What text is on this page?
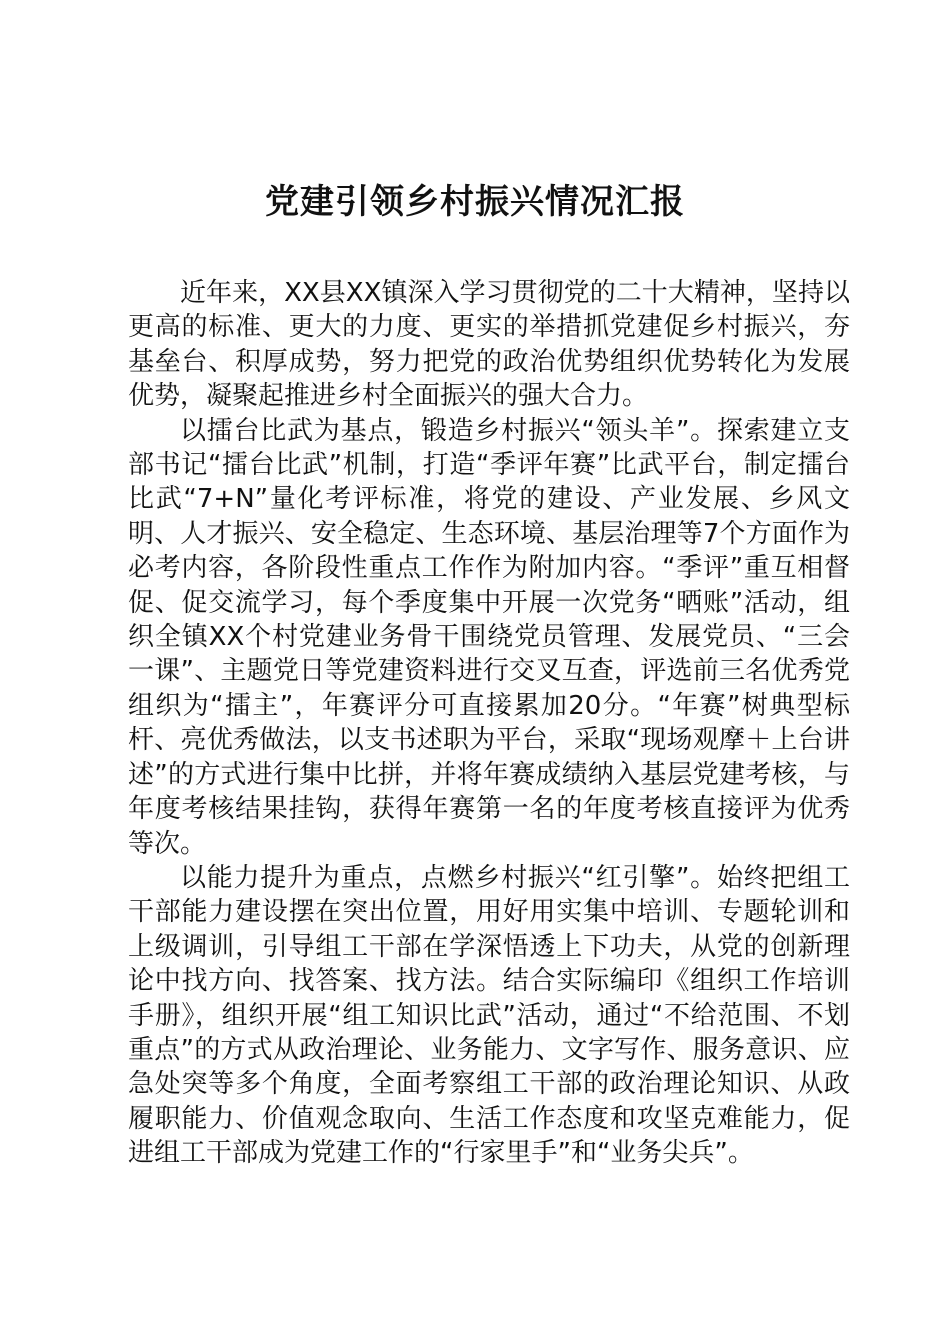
党建引领乡村振兴情况汇报

近年来，XX县XX镇深入学习贯彻党的二十大精神，坚持以更高的标准、更大的力度、更实的举措抓党建促乡村振兴，夯基垒台、积厚成势，努力把党的政治优势组织优势转化为发展优势，凝聚起推进乡村全面振兴的强大合力。

以擂台比武为基点，锻造乡村振兴“领头羊”。探索建立支部书记“擂台比武”机制，打造“季评年赛”比武平台，制定擂台比武“7+N”量化考评标准，将党的建设、产业发展、乡风文明、人才振兴、安全稳定、生态环境、基层治理等7个方面作为必考内容，各阶段性重点工作作为附加内容。“季评”重互相督促、促交流学习，每个季度集中开展一次党务“晒账”活动，组织全镇XX个村党建业务骨干围绕党员管理、发展党员、“三会一课”、主题党日等党建资料进行交叉互查，评选前三名优秀党组织为“擂主”，年赛评分可直接累加20分。“年赛”树典型标杆、亮优秀做法，以支书述职为平台，采取“现场观摩＋上台讲述”的方式进行集中比拼，并将年赛成绩纳入基层党建考核，与年度考核结果挂钩，获得年赛第一名的年度考核直接评为优秀等次。

以能力提升为重点，点燃乡村振兴“红引擎”。始终把组工干部能力建设摆在突出位置，用好用实集中培训、专题轮训和上级调训，引导组工干部在学深悟透上下功夫，从党的创新理论中找方向、找答案、找方法。结合实际编印《组织工作培训手册》，组织开展“组工知识比武”活动，通过“不给范围、不划重点”的方式从政治理论、业务能力、文字写作、服务意识、应急处突等多个角度，全面考察组工干部的政治理论知识、从政履职能力、价值观念取向、生活工作态度和攻坚克难能力，促进组工干部成为党建工作的“行家里手”和“业务尖兵”。
